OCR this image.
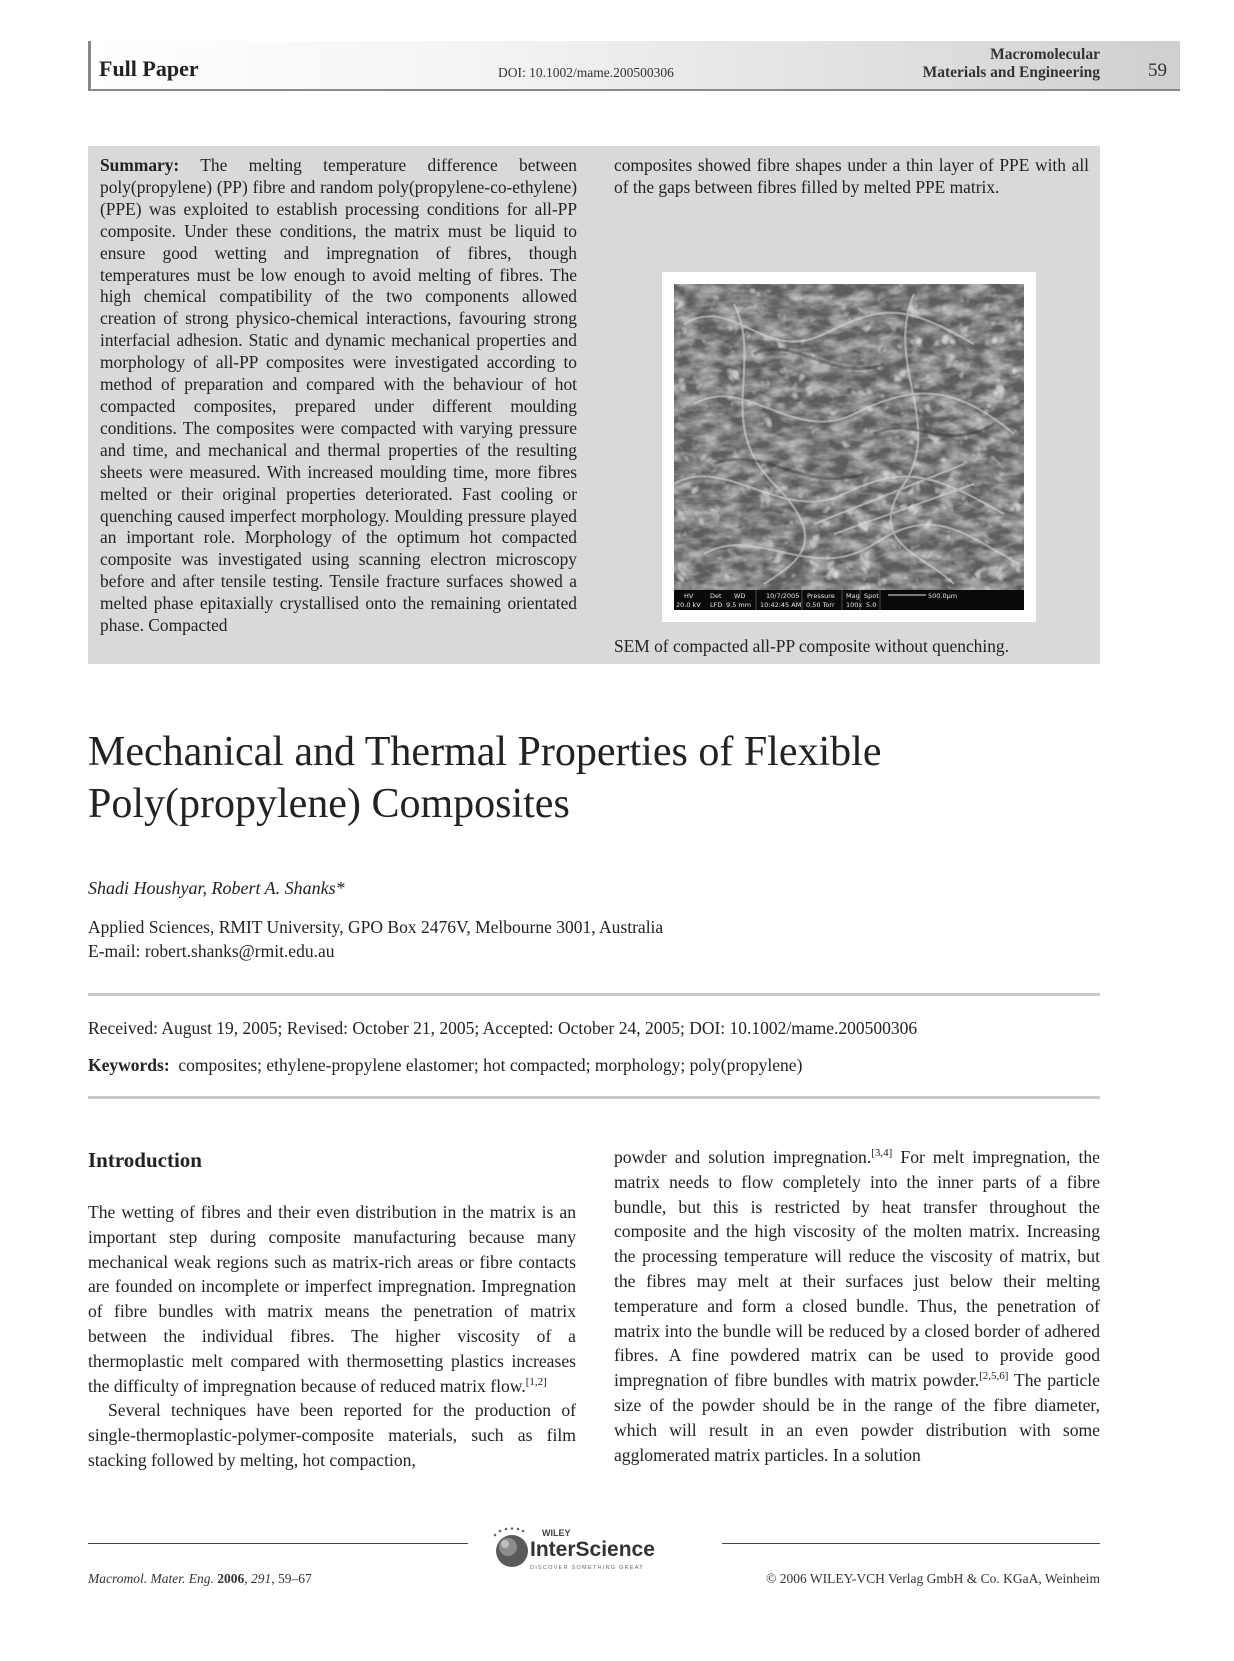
Full Paper	DOI: 10.1002/mame.200500306
Macromolecular
Materials and Engineering	59
Summary: The melting temperature difference between poly(propylene) (PP) fibre and random poly(propylene-co-ethylene) (PPE) was exploited to establish processing conditions for all-PP composite. Under these conditions, the matrix must be liquid to ensure good wetting and impregnation of fibres, though temperatures must be low enough to avoid melting of fibres. The high chemical compatibility of the two components allowed creation of strong physico-chemical interactions, favouring strong interfacial adhesion. Static and dynamic mechanical properties and morphology of all-PP composites were investigated according to method of preparation and compared with the behaviour of hot compacted composites, prepared under different moulding conditions. The composites were compacted with varying pressure and time, and mechanical and thermal properties of the resulting sheets were measured. With increased moulding time, more fibres melted or their original properties deteriorated. Fast cooling or quenching caused imperfect morphology. Moulding pressure played an important role. Morphology of the optimum hot compacted composite was investigated using scanning electron microscopy before and after tensile testing. Tensile fracture surfaces showed a melted phase epitaxially crystallised onto the remaining orientated phase. Compacted
composites showed fibre shapes under a thin layer of PPE with all of the gaps between fibres filled by melted PPE matrix.
HV
20.0 kV
Det
LFD
WD
9.5 mm
10/7/2005
10:42:45 AM
Pressure
0.50 Torr
Mag
100x
Spot
5.0
500.0µm
SEM of compacted all-PP composite without quenching.
Mechanical and Thermal Properties of Flexible Poly(propylene) Composites
Shadi Houshyar, Robert A. Shanks*
Applied Sciences, RMIT University, GPO Box 2476V, Melbourne 3001, Australia
E-mail: robert.shanks@rmit.edu.au
Received: August 19, 2005; Revised: October 21, 2005; Accepted: October 24, 2005; DOI: 10.1002/mame.200500306
Keywords: composites; ethylene-propylene elastomer; hot compacted; morphology; poly(propylene)
Introduction

The wetting of fibres and their even distribution in the matrix is an important step during composite manufacturing because many mechanical weak regions such as matrix-rich areas or fibre contacts are founded on incomplete or imperfect impregnation. Impregnation of fibre bundles with matrix means the penetration of matrix between the individual fibres. The higher viscosity of a thermoplastic melt compared with thermosetting plastics increases the difficulty of impregnation because of reduced matrix flow.[1,2]

Several techniques have been reported for the production of single-thermoplastic-polymer-composite materials, such as film stacking followed by melting, hot compaction,

powder and solution impregnation.[3,4] For melt impregnation, the matrix needs to flow completely into the inner parts of a fibre bundle, but this is restricted by heat transfer throughout the composite and the high viscosity of the molten matrix. Increasing the processing temperature will reduce the viscosity of matrix, but the fibres may melt at their surfaces just below their melting temperature and form a closed bundle. Thus, the penetration of matrix into the bundle will be reduced by a closed border of adhered fibres. A fine powdered matrix can be used to provide good impregnation of fibre bundles with matrix powder.[2,5,6] The particle size of the powder should be in the range of the fibre diameter, which will result in an even powder distribution with some agglomerated matrix particles. In a solution

Macromol. Mater. Eng. 2006, 291, 59–67
WILEY
InterScience
DISCOVER SOMETHING GREAT
© 2006 WILEY-VCH Verlag GmbH & Co. KGaA, Weinheim
